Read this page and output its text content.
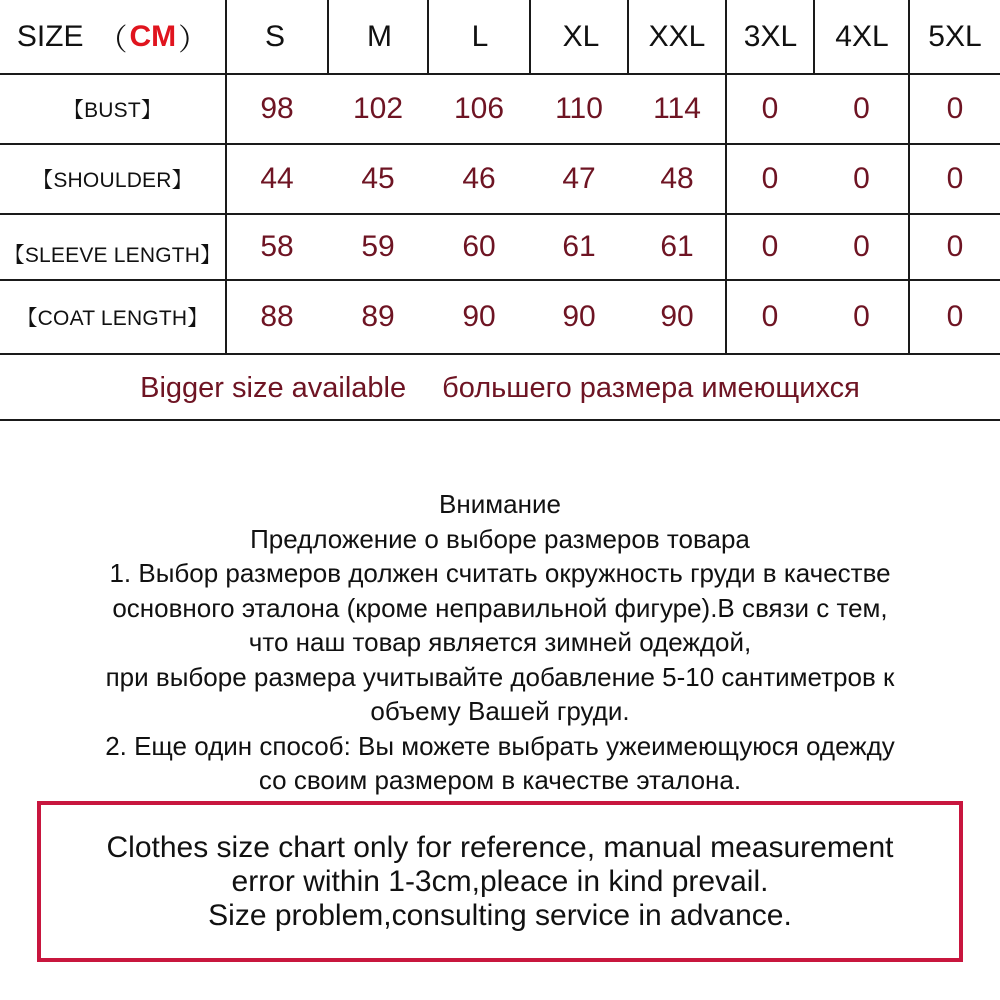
SIZE （ CM ）	S	M	L	XL	XXL	3XL	4XL	5XL
【BUST】	98	102	106	110	114	0	0	0
【SHOULDER】	44	45	46	47	48	0	0	0
【SLEEVE LENGTH】	58	59	60	61	61	0	0	0
【COAT LENGTH】	88	89	90	90	90	0	0	0
Bigger size available большего размера имеющихся
Внимание
Предложение о выборе размеров товара
1. Выбор размеров должен считать окружность груди в качестве
основного эталона (кроме неправильной фигуре).В связи с тем,
что наш товар является зимней одеждой,
при выборе размера учитывайте добавление 5-10 сантиметров к
объему Вашей груди.
2. Еще один способ: Вы можете выбрать ужеимеющуюся одежду
со своим размером в качестве эталона.
Clothes size chart only for reference, manual measurement
error within 1-3cm,pleace in kind prevail.
Size problem,consulting service in advance.
